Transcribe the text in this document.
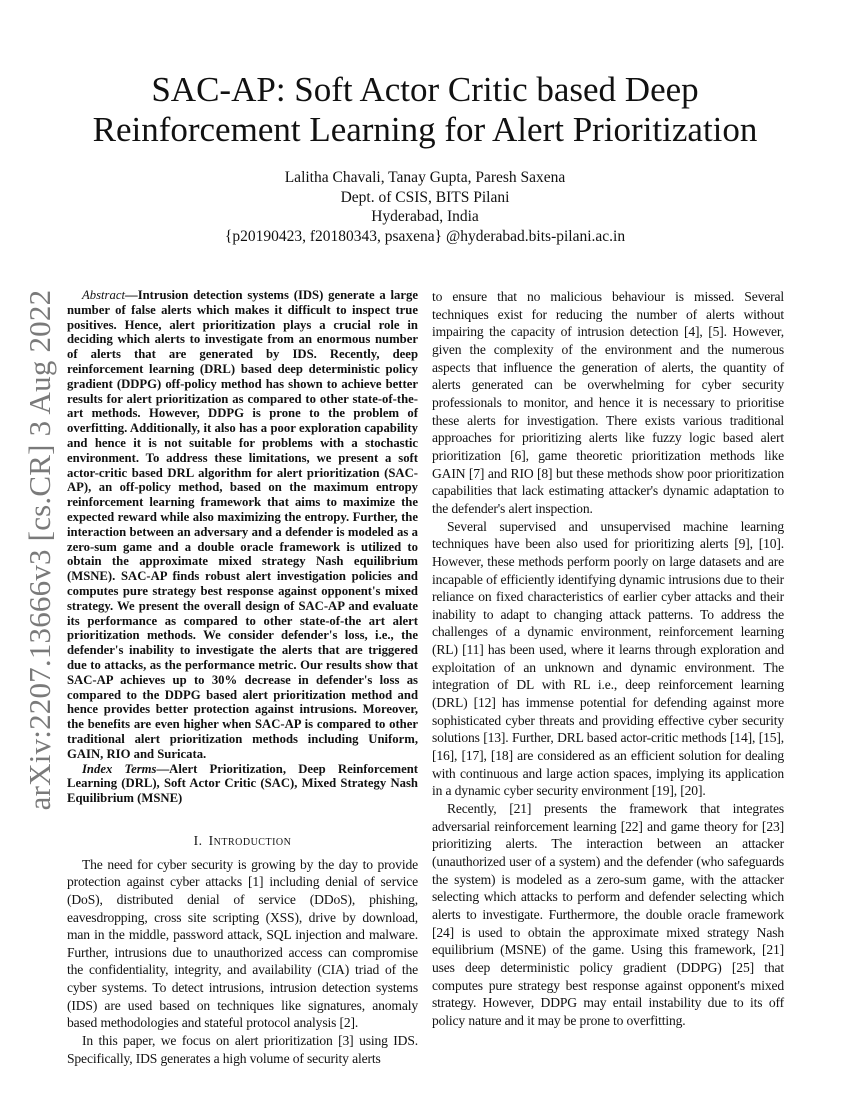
arXiv:2207.13666v3 [cs.CR] 3 Aug 2022
SAC-AP: Soft Actor Critic based Deep
Reinforcement Learning for Alert Prioritization
Lalitha Chavali, Tanay Gupta, Paresh Saxena
Dept. of CSIS, BITS Pilani
Hyderabad, India
{p20190423, f20180343, psaxena} @hyderabad.bits-pilani.ac.in

Abstract—Intrusion detection systems (IDS) generate a large number of false alerts which makes it difficult to inspect true positives. Hence, alert prioritization plays a crucial role in deciding which alerts to investigate from an enormous number of alerts that are generated by IDS. Recently, deep reinforcement learning (DRL) based deep deterministic policy gradient (DDPG) off-policy method has shown to achieve better results for alert prioritization as compared to other state-of-the-art methods. However, DDPG is prone to the problem of overfitting. Additionally, it also has a poor exploration capability and hence it is not suitable for problems with a stochastic environment. To address these limitations, we present a soft actor-critic based DRL algorithm for alert prioritization (SAC-AP), an off-policy method, based on the maximum entropy reinforcement learning framework that aims to maximize the expected reward while also maximizing the entropy. Further, the interaction between an adversary and a defender is modeled as a zero-sum game and a double oracle framework is utilized to obtain the approximate mixed strategy Nash equilibrium (MSNE). SAC-AP finds robust alert investigation policies and computes pure strategy best response against opponent's mixed strategy. We present the overall design of SAC-AP and evaluate its performance as compared to other state-of-the art alert prioritization methods. We consider defender's loss, i.e., the defender's inability to investigate the alerts that are triggered due to attacks, as the performance metric. Our results show that SAC-AP achieves up to 30% decrease in defender's loss as compared to the DDPG based alert prioritization method and hence provides better protection against intrusions. Moreover, the benefits are even higher when SAC-AP is compared to other traditional alert prioritization methods including Uniform, GAIN, RIO and Suricata.

Index Terms—Alert Prioritization, Deep Reinforcement Learning (DRL), Soft Actor Critic (SAC), Mixed Strategy Nash Equilibrium (MSNE)

I. Introduction

The need for cyber security is growing by the day to provide protection against cyber attacks [1] including denial of service (DoS), distributed denial of service (DDoS), phishing, eavesdropping, cross site scripting (XSS), drive by download, man in the middle, password attack, SQL injection and malware. Further, intrusions due to unauthorized access can compromise the confidentiality, integrity, and availability (CIA) triad of the cyber systems. To detect intrusions, intrusion detection systems (IDS) are used based on techniques like signatures, anomaly based methodologies and stateful protocol analysis [2].

In this paper, we focus on alert prioritization [3] using IDS. Specifically, IDS generates a high volume of security alerts

to ensure that no malicious behaviour is missed. Several techniques exist for reducing the number of alerts without impairing the capacity of intrusion detection [4], [5]. However, given the complexity of the environment and the numerous aspects that influence the generation of alerts, the quantity of alerts generated can be overwhelming for cyber security professionals to monitor, and hence it is necessary to prioritise these alerts for investigation. There exists various traditional approaches for prioritizing alerts like fuzzy logic based alert prioritization [6], game theoretic prioritization methods like GAIN [7] and RIO [8] but these methods show poor prioritization capabilities that lack estimating attacker's dynamic adaptation to the defender's alert inspection.

Several supervised and unsupervised machine learning techniques have been also used for prioritizing alerts [9], [10]. However, these methods perform poorly on large datasets and are incapable of efficiently identifying dynamic intrusions due to their reliance on fixed characteristics of earlier cyber attacks and their inability to adapt to changing attack patterns. To address the challenges of a dynamic environment, reinforcement learning (RL) [11] has been used, where it learns through exploration and exploitation of an unknown and dynamic environment. The integration of DL with RL i.e., deep reinforcement learning (DRL) [12] has immense potential for defending against more sophisticated cyber threats and providing effective cyber security solutions [13]. Further, DRL based actor-critic methods [14], [15], [16], [17], [18] are considered as an efficient solution for dealing with continuous and large action spaces, implying its application in a dynamic cyber security environment [19], [20].

Recently, [21] presents the framework that integrates adversarial reinforcement learning [22] and game theory for [23] prioritizing alerts. The interaction between an attacker (unauthorized user of a system) and the defender (who safeguards the system) is modeled as a zero-sum game, with the attacker selecting which attacks to perform and defender selecting which alerts to investigate. Furthermore, the double oracle framework [24] is used to obtain the approximate mixed strategy Nash equilibrium (MSNE) of the game. Using this framework, [21] uses deep deterministic policy gradient (DDPG) [25] that computes pure strategy best response against opponent's mixed strategy. However, DDPG may entail instability due to its off policy nature and it may be prone to overfitting.
